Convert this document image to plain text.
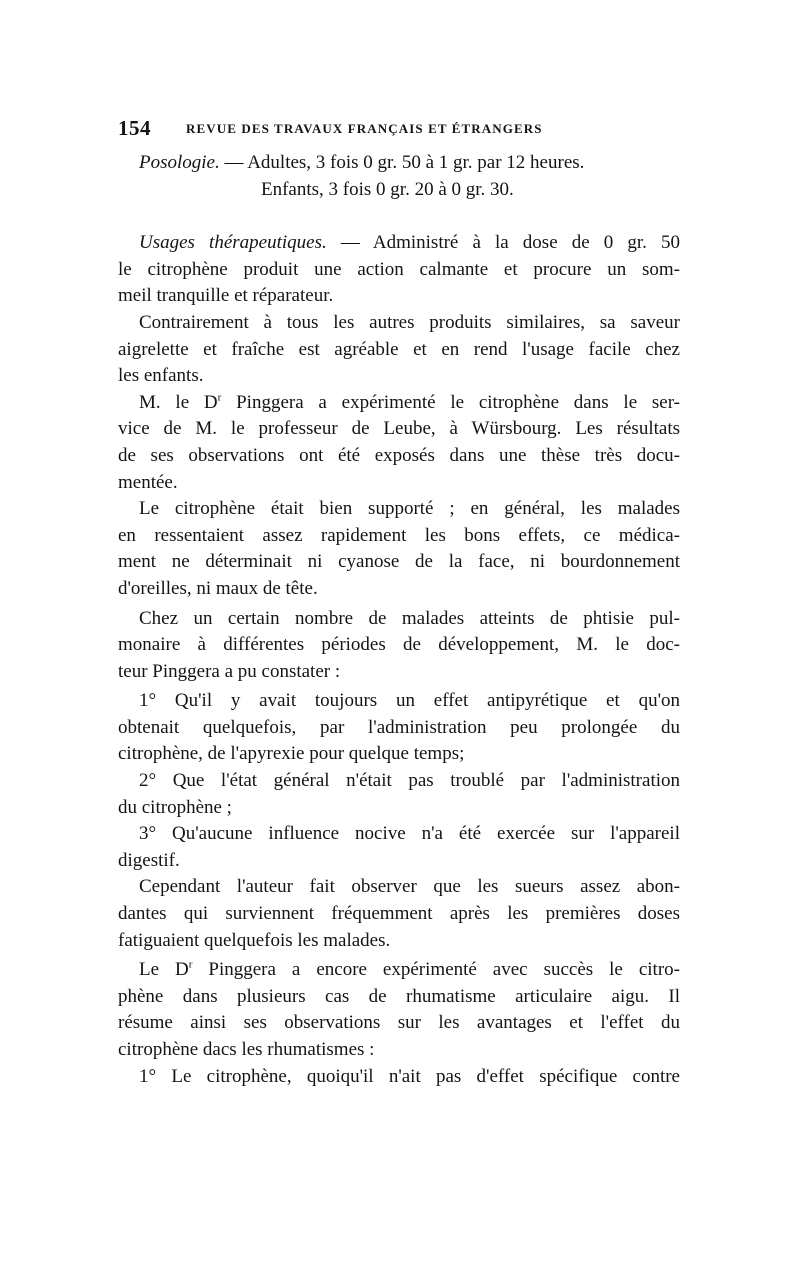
154	REVUE DES TRAVAUX FRANÇAIS ET ÉTRANGERS
Posologie. — Adultes, 3 fois 0 gr. 50 à 1 gr. par 12 heures.
Enfants, 3 fois 0 gr. 20 à 0 gr. 30.
Usages thérapeutiques. — Administré à la dose de 0 gr. 50
le citrophène produit une action calmante et procure un som-
meil tranquille et réparateur.
Contrairement à tous les autres produits similaires, sa saveur
aigrelette et fraîche est agréable et en rend l'usage facile chez
les enfants.
M. le $D^r$ Pinggera a expérimenté le citrophène dans le ser-
vice de M. le professeur de Leube, à Würsbourg. Les résultats
de ses observations ont été exposés dans une thèse très docu-
mentée.
Le citrophène était bien supporté ; en général, les malades
en ressentaient assez rapidement les bons effets, ce médica-
ment ne déterminait ni cyanose de la face, ni bourdonnement
d'oreilles, ni maux de tête.
Chez un certain nombre de malades atteints de phtisie pul-
monaire à différentes périodes de développement, M. le doc-
teur Pinggera a pu constater :
1° Qu'il y avait toujours un effet antipyrétique et qu'on
obtenait quelquefois, par l'administration peu prolongée du
citrophène, de l'apyrexie pour quelque temps;
2° Que l'état général n'était pas troublé par l'administration
du citrophène ;
3° Qu'aucune influence nocive n'a été exercée sur l'appareil
digestif.
Cependant l'auteur fait observer que les sueurs assez abon-
dantes qui surviennent fréquemment après les premières doses
fatiguaient quelquefois les malades.
Le $D^r$ Pinggera a encore expérimenté avec succès le citro-
phène dans plusieurs cas de rhumatisme articulaire aigu. Il
résume ainsi ses observations sur les avantages et l'effet du
citrophène dacs les rhumatismes :
1° Le citrophène, quoiqu'il n'ait pas d'effet spécifique contre
